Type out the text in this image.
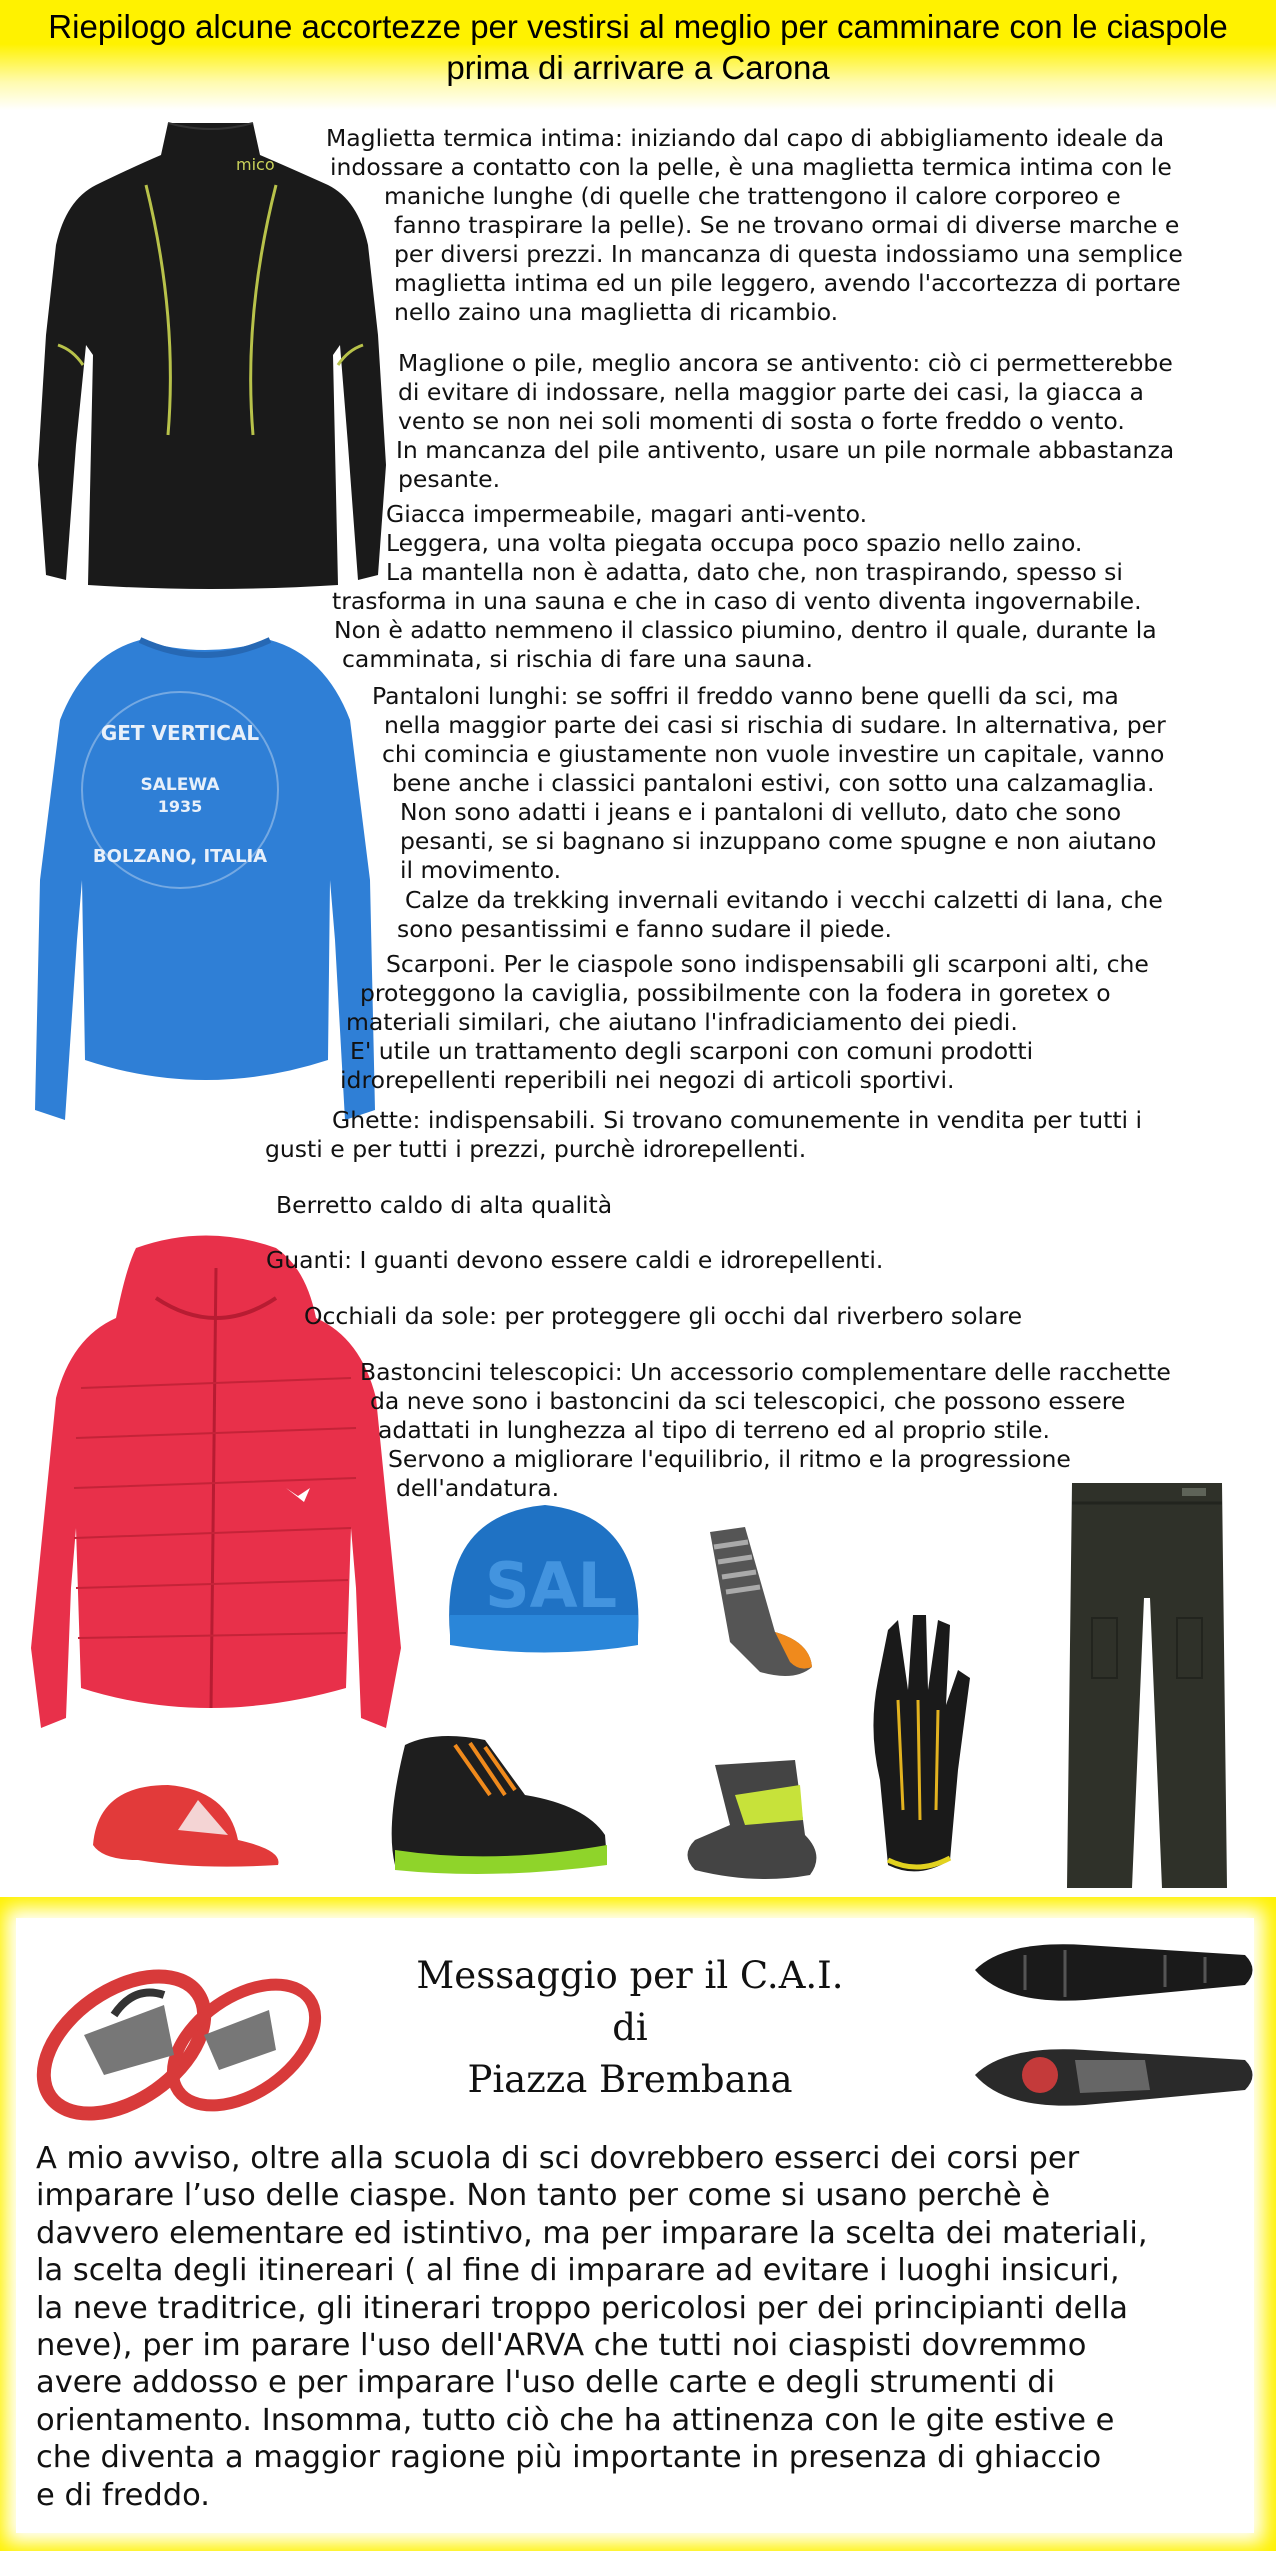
Riepilogo alcune accortezze per vestirsi al meglio per camminare con le ciaspole
prima di arrivare a Carona
mico
GET VERTICAL
SALEWA
1935
BOLZANO, ITALIA
SAL
Maglietta termica intima: iniziando dal capo di abbigliamento ideale da
indossare a contatto con la pelle, è una maglietta termica intima con le
maniche lunghe (di quelle che trattengono il calore corporeo e
fanno traspirare la pelle). Se ne trovano ormai di diverse marche e
per diversi prezzi. In mancanza di questa indossiamo una semplice
maglietta intima ed un pile leggero, avendo l'accortezza di portare
nello zaino una maglietta di ricambio.
Maglione o pile, meglio ancora se antivento: ciò ci permetterebbe
di evitare di indossare, nella maggior parte dei casi, la giacca a
vento se non nei soli momenti di sosta o forte freddo o vento.
In mancanza del pile antivento, usare un pile normale abbastanza
pesante.
Giacca impermeabile, magari anti-vento.
Leggera, una volta piegata occupa poco spazio nello zaino.
La mantella non è adatta, dato che, non traspirando, spesso si
trasforma in una sauna e che in caso di vento diventa ingovernabile.
Non è adatto nemmeno il classico piumino, dentro il quale, durante la
camminata, si rischia di fare una sauna.
Pantaloni lunghi: se soffri il freddo vanno bene quelli da sci, ma
nella maggior parte dei casi si rischia di sudare. In alternativa, per
chi comincia e giustamente non vuole investire un capitale, vanno
bene anche i classici pantaloni estivi, con sotto una calzamaglia.
Non sono adatti i jeans e i pantaloni di velluto, dato che sono
pesanti, se si bagnano si inzuppano come spugne e non aiutano
il movimento.
Calze da trekking invernali evitando i vecchi calzetti di lana, che
sono pesantissimi e fanno sudare il piede.
Scarponi. Per le ciaspole sono indispensabili gli scarponi alti, che
proteggono la caviglia, possibilmente con la fodera in goretex o
materiali similari, che aiutano l'infradiciamento dei piedi.
E' utile un trattamento degli scarponi con comuni prodotti
idrorepellenti reperibili nei negozi di articoli sportivi.
Ghette: indispensabili. Si trovano comunemente in vendita per tutti i
gusti e per tutti i prezzi, purchè idrorepellenti.
Berretto caldo di alta qualità
Guanti: I guanti devono essere caldi e idrorepellenti.
Occhiali da sole: per proteggere gli occhi dal riverbero solare
Bastoncini telescopici: Un accessorio complementare delle racchette
da neve sono i bastoncini da sci telescopici, che possono essere
adattati in lunghezza al tipo di terreno ed al proprio stile.
Servono a migliorare l'equilibrio, il ritmo e la progressione
dell'andatura.
Messaggio per il C.A.I.
di
Piazza Brembana
A mio avviso, oltre alla scuola di sci dovrebbero esserci dei corsi per
imparare l’uso delle ciaspe. Non tanto per come si usano perchè è
davvero elementare ed istintivo, ma per imparare la scelta dei materiali,
la scelta degli itinereari ( al fine di imparare ad evitare i luoghi insicuri,
la neve traditrice, gli itinerari troppo pericolosi per dei principianti della
neve), per im parare l'uso dell'ARVA che tutti noi ciaspisti dovremmo
avere addosso e per imparare l'uso delle carte e degli strumenti di
orientamento. Insomma, tutto ciò che ha attinenza con le gite estive e
che diventa a maggior ragione più importante in presenza di ghiaccio
e di freddo.
